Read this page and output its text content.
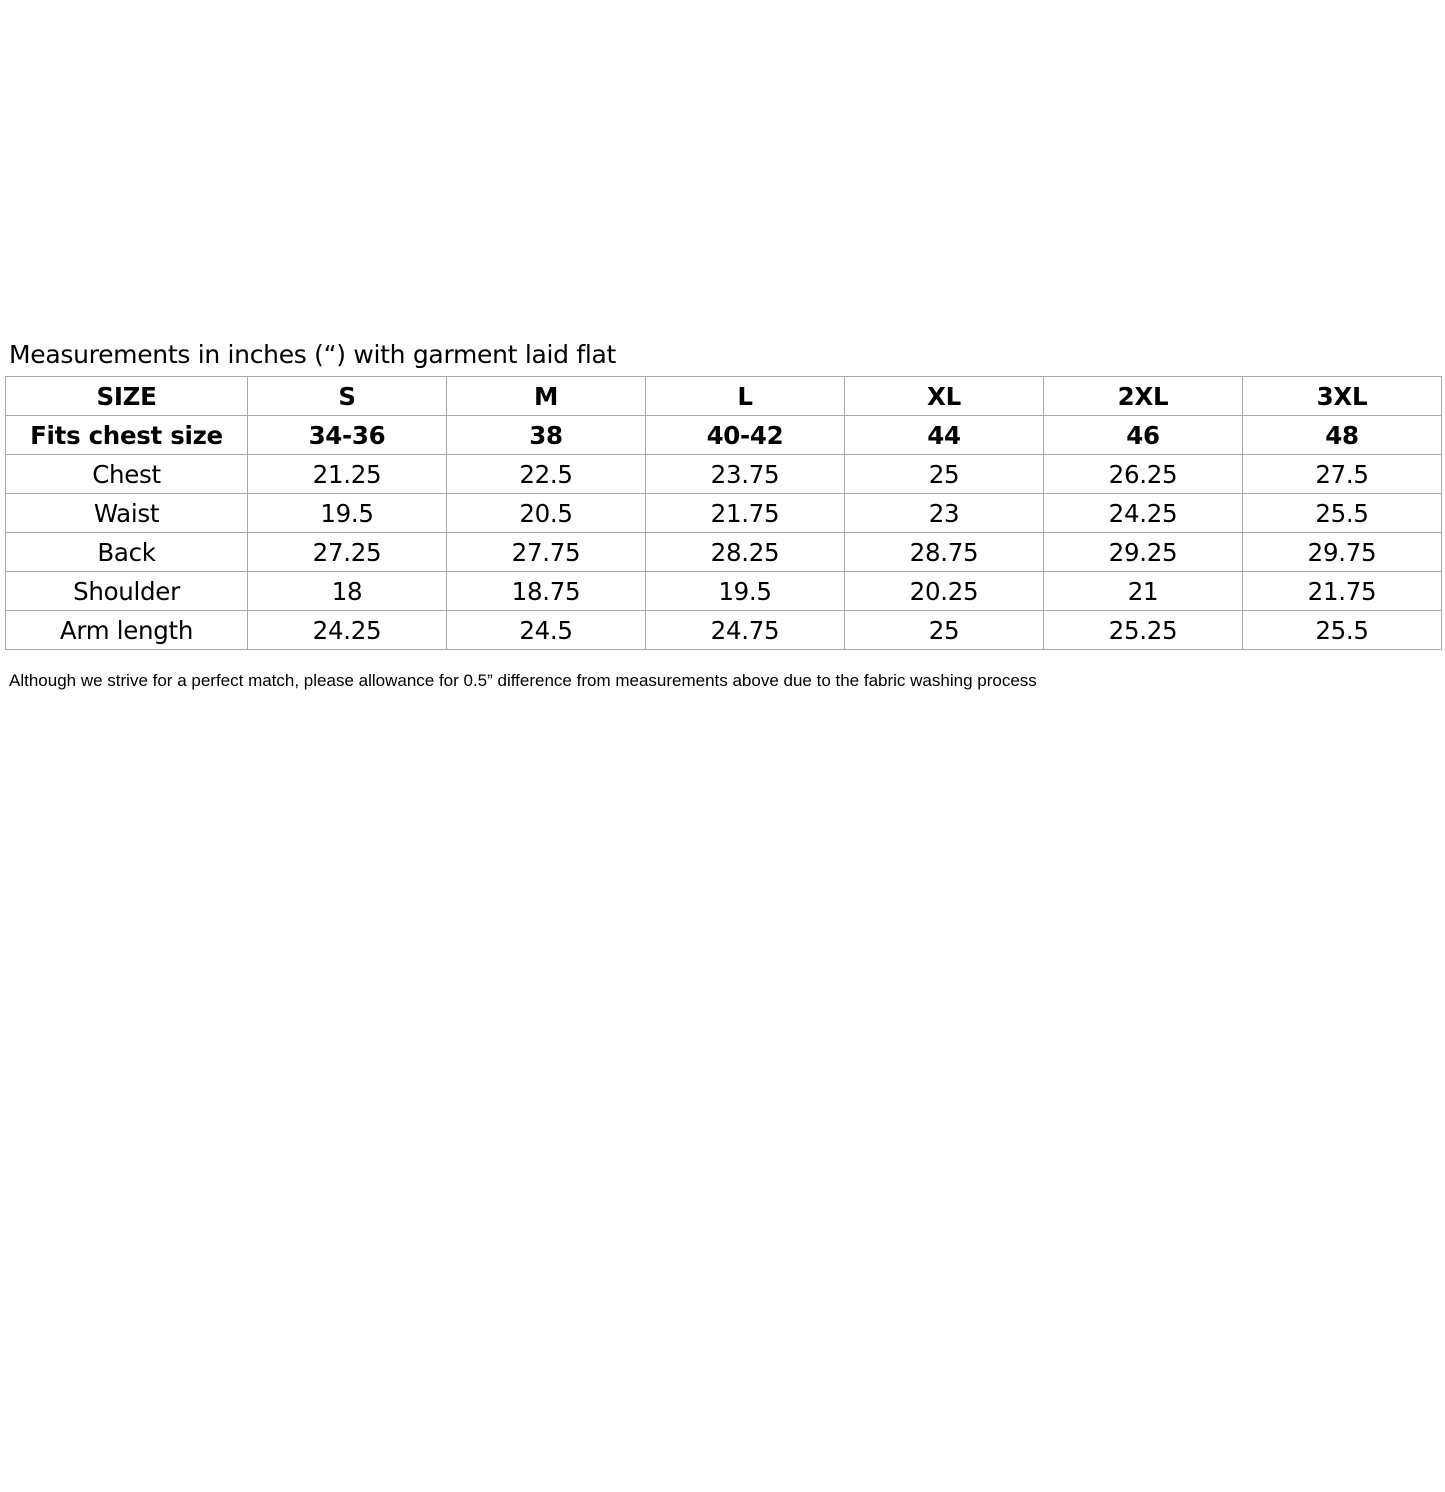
Measurements in inches (“) with garment laid flat
SIZE	S	M	L	XL	2XL	3XL
Fits chest size	34-36	38	40-42	44	46	48
Chest	21.25	22.5	23.75	25	26.25	27.5
Waist	19.5	20.5	21.75	23	24.25	25.5
Back	27.25	27.75	28.25	28.75	29.25	29.75
Shoulder	18	18.75	19.5	20.25	21	21.75
Arm length	24.25	24.5	24.75	25	25.25	25.5
Although we strive for a perfect match, please allowance for 0.5” difference from measurements above due to the fabric washing process
